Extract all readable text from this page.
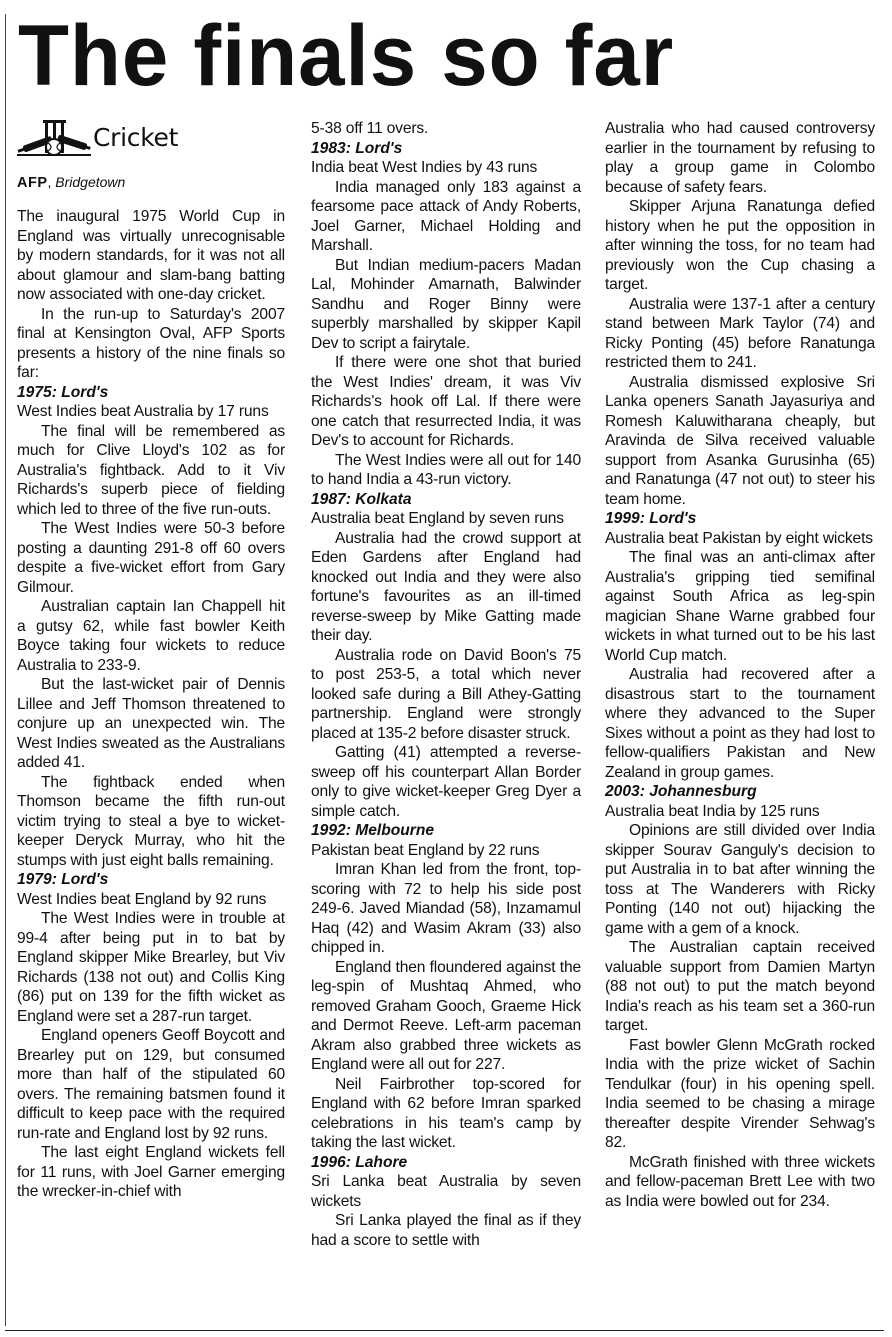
The finals so far
Cricket
AFP, Bridgetown

The inaugural 1975 World Cup in England was virtually unrecognisable by modern standards, for it was not all about glamour and slam-bang batting now associated with one-day cricket.

In the run-up to Saturday's 2007 final at Kensington Oval, AFP Sports presents a history of the nine finals so far:

1975: Lord's

West Indies beat Australia by 17 runs

The final will be remembered as much for Clive Lloyd's 102 as for Australia's fightback. Add to it Viv Richards's superb piece of fielding which led to three of the five run-outs.

The West Indies were 50-3 before posting a daunting 291-8 off 60 overs despite a five-wicket effort from Gary Gilmour.

Australian captain Ian Chappell hit a gutsy 62, while fast bowler Keith Boyce taking four wickets to reduce Australia to 233-9.

But the last-wicket pair of Dennis Lillee and Jeff Thomson threatened to conjure up an unexpected win. The West Indies sweated as the Australians added 41.

The fightback ended when Thomson became the fifth run-out victim trying to steal a bye to wicket-keeper Deryck Murray, who hit the stumps with just eight balls remaining.

1979: Lord's

West Indies beat England by 92 runs

The West Indies were in trouble at 99-4 after being put in to bat by England skipper Mike Brearley, but Viv Richards (138 not out) and Collis King (86) put on 139 for the fifth wicket as England were set a 287-run target.

England openers Geoff Boycott and Brearley put on 129, but consumed more than half of the stipulated 60 overs. The remaining batsmen found it difficult to keep pace with the required run-rate and England lost by 92 runs.

The last eight England wickets fell for 11 runs, with Joel Garner emerging the wrecker-in-chief with

5-38 off 11 overs.

1983: Lord's

India beat West Indies by 43 runs

India managed only 183 against a fearsome pace attack of Andy Roberts, Joel Garner, Michael Holding and Marshall.

But Indian medium-pacers Madan Lal, Mohinder Amarnath, Balwinder Sandhu and Roger Binny were superbly marshalled by skipper Kapil Dev to script a fairytale.

If there were one shot that buried the West Indies' dream, it was Viv Richards's hook off Lal. If there were one catch that resurrected India, it was Dev's to account for Richards.

The West Indies were all out for 140 to hand India a 43-run victory.

1987: Kolkata

Australia beat England by seven runs

Australia had the crowd support at Eden Gardens after England had knocked out India and they were also fortune's favourites as an ill-timed reverse-sweep by Mike Gatting made their day.

Australia rode on David Boon's 75 to post 253-5, a total which never looked safe during a Bill Athey-Gatting partnership. England were strongly placed at 135-2 before disaster struck.

Gatting (41) attempted a reverse-sweep off his counterpart Allan Border only to give wicket-keeper Greg Dyer a simple catch.

1992: Melbourne

Pakistan beat England by 22 runs

Imran Khan led from the front, top-scoring with 72 to help his side post 249-6. Javed Miandad (58), Inzamamul Haq (42) and Wasim Akram (33) also chipped in.

England then floundered against the leg-spin of Mushtaq Ahmed, who removed Graham Gooch, Graeme Hick and Dermot Reeve. Left-arm paceman Akram also grabbed three wickets as England were all out for 227.

Neil Fairbrother top-scored for England with 62 before Imran sparked celebrations in his team's camp by taking the last wicket.

1996: Lahore

Sri Lanka beat Australia by seven wickets

Sri Lanka played the final as if they had a score to settle with

Australia who had caused controversy earlier in the tournament by refusing to play a group game in Colombo because of safety fears.

Skipper Arjuna Ranatunga defied history when he put the opposition in after winning the toss, for no team had previously won the Cup chasing a target.

Australia were 137-1 after a century stand between Mark Taylor (74) and Ricky Ponting (45) before Ranatunga restricted them to 241.

Australia dismissed explosive Sri Lanka openers Sanath Jayasuriya and Romesh Kaluwitharana cheaply, but Aravinda de Silva received valuable support from Asanka Gurusinha (65) and Ranatunga (47 not out) to steer his team home.

1999: Lord's

Australia beat Pakistan by eight wickets

The final was an anti-climax after Australia's gripping tied semifinal against South Africa as leg-spin magician Shane Warne grabbed four wickets in what turned out to be his last World Cup match.

Australia had recovered after a disastrous start to the tournament where they advanced to the Super Sixes without a point as they had lost to fellow-qualifiers Pakistan and New Zealand in group games.

2003: Johannesburg

Australia beat India by 125 runs

Opinions are still divided over India skipper Sourav Ganguly's decision to put Australia in to bat after winning the toss at The Wanderers with Ricky Ponting (140 not out) hijacking the game with a gem of a knock.

The Australian captain received valuable support from Damien Martyn (88 not out) to put the match beyond India's reach as his team set a 360-run target.

Fast bowler Glenn McGrath rocked India with the prize wicket of Sachin Tendulkar (four) in his opening spell. India seemed to be chasing a mirage thereafter despite Virender Sehwag's 82.

McGrath finished with three wickets and fellow-paceman Brett Lee with two as India were bowled out for 234.
